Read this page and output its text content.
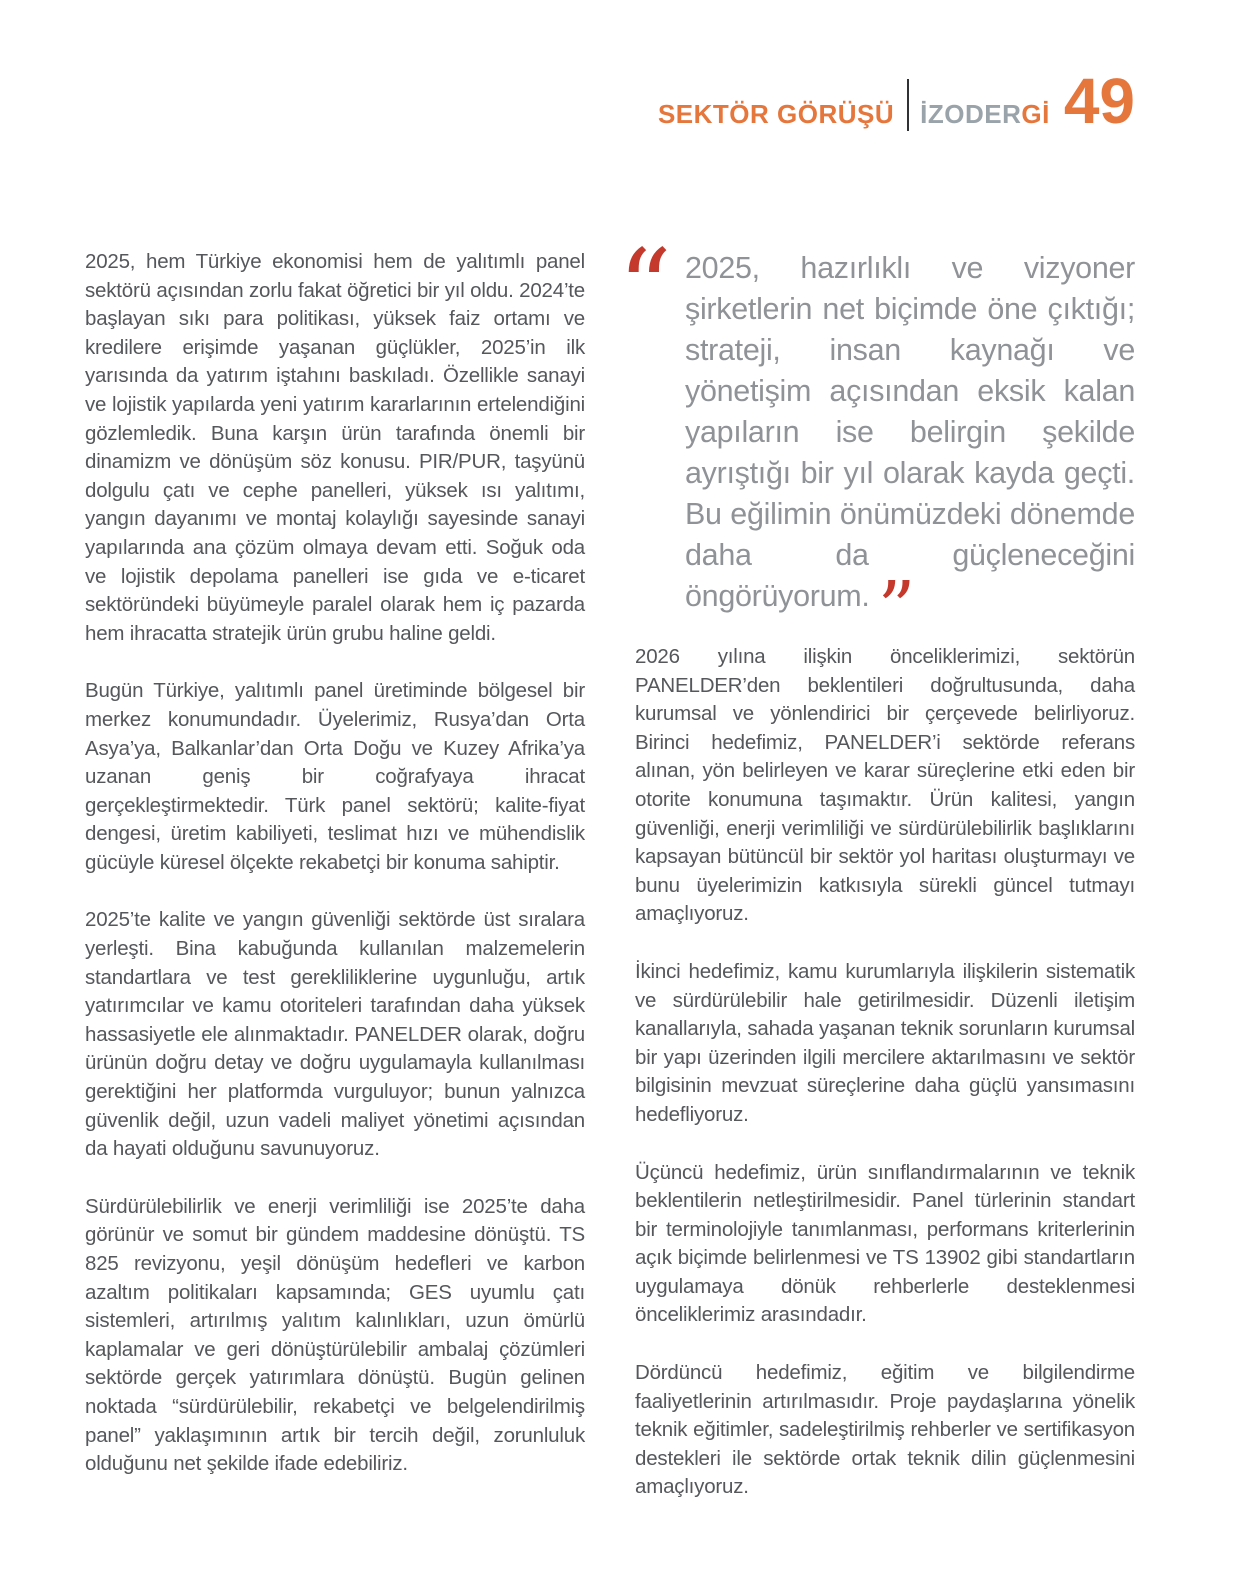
SEKTÖR GÖRÜŞÜ İZODERGİ 49

2025, hem Türkiye ekonomisi hem de yalıtımlı panel sektörü açısından zorlu fakat öğretici bir yıl oldu. 2024’te başlayan sıkı para politikası, yüksek faiz ortamı ve kredilere erişimde yaşanan güçlükler, 2025’in ilk yarısında da yatırım iştahını baskıladı. Özellikle sanayi ve lojistik yapılarda yeni yatırım kararlarının ertelendiğini gözlemledik. Buna karşın ürün tarafında önemli bir dinamizm ve dönüşüm söz konusu. PIR/PUR, taşyünü dolgulu çatı ve cephe panelleri, yüksek ısı yalıtımı, yangın dayanımı ve montaj kolaylığı sayesinde sanayi yapılarında ana çözüm olmaya devam etti. Soğuk oda ve lojistik depolama panelleri ise gıda ve e-ticaret sektöründeki büyümeyle paralel olarak hem iç pazarda hem ihracatta stratejik ürün grubu haline geldi.

Bugün Türkiye, yalıtımlı panel üretiminde bölgesel bir merkez konumundadır. Üyelerimiz, Rusya’dan Orta Asya’ya, Balkanlar’dan Orta Doğu ve Kuzey Afrika’ya uzanan geniş bir coğrafyaya ihracat gerçekleştirmektedir. Türk panel sektörü; kalite-fiyat dengesi, üretim kabiliyeti, teslimat hızı ve mühendislik gücüyle küresel ölçekte rekabetçi bir konuma sahiptir.

2025’te kalite ve yangın güvenliği sektörde üst sıralara yerleşti. Bina kabuğunda kullanılan malzemelerin standartlara ve test gerekliliklerine uygunluğu, artık yatırımcılar ve kamu otoriteleri tarafından daha yüksek hassasiyetle ele alınmaktadır. PANELDER olarak, doğru ürünün doğru detay ve doğru uygulamayla kullanılması gerektiğini her platformda vurguluyor; bunun yalnızca güvenlik değil, uzun vadeli maliyet yönetimi açısından da hayati olduğunu savunuyoruz.

Sürdürülebilirlik ve enerji verimliliği ise 2025’te daha görünür ve somut bir gündem maddesine dönüştü. TS 825 revizyonu, yeşil dönüşüm hedefleri ve karbon azaltım politikaları kapsamında; GES uyumlu çatı sistemleri, artırılmış yalıtım kalınlıkları, uzun ömürlü kaplamalar ve geri dönüştürülebilir ambalaj çözümleri sektörde gerçek yatırımlara dönüştü. Bugün gelinen noktada “sürdürülebilir, rekabetçi ve belgelendirilmiş panel” yaklaşımının artık bir tercih değil, zorunluluk olduğunu net şekilde ifade edebiliriz.

“ 2025, hazırlıklı ve vizyoner şirketlerin net biçimde öne çıktığı; strateji, insan kaynağı ve yönetişim açısından eksik kalan yapıların ise belirgin şekilde ayrıştığı bir yıl olarak kayda geçti. Bu eğilimin önümüzdeki dönemde daha da güçleneceğini öngörüyorum. ”

2026 yılına ilişkin önceliklerimizi, sektörün PANELDER’den beklentileri doğrultusunda, daha kurumsal ve yönlendirici bir çerçevede belirliyoruz. Birinci hedefimiz, PANELDER’i sektörde referans alınan, yön belirleyen ve karar süreçlerine etki eden bir otorite konumuna taşımaktır. Ürün kalitesi, yangın güvenliği, enerji verimliliği ve sürdürülebilirlik başlıklarını kapsayan bütüncül bir sektör yol haritası oluşturmayı ve bunu üyelerimizin katkısıyla sürekli güncel tutmayı amaçlıyoruz.

İkinci hedefimiz, kamu kurumlarıyla ilişkilerin sistematik ve sürdürülebilir hale getirilmesidir. Düzenli iletişim kanallarıyla, sahada yaşanan teknik sorunların kurumsal bir yapı üzerinden ilgili mercilere aktarılmasını ve sektör bilgisinin mevzuat süreçlerine daha güçlü yansımasını hedefliyoruz.

Üçüncü hedefimiz, ürün sınıflandırmalarının ve teknik beklentilerin netleştirilmesidir. Panel türlerinin standart bir terminolojiyle tanımlanması, performans kriterlerinin açık biçimde belirlenmesi ve TS 13902 gibi standartların uygulamaya dönük rehberlerle desteklenmesi önceliklerimiz arasındadır.

Dördüncü hedefimiz, eğitim ve bilgilendirme faaliyetlerinin artırılmasıdır. Proje paydaşlarına yönelik teknik eğitimler, sadeleştirilmiş rehberler ve sertifikasyon destekleri ile sektörde ortak teknik dilin güçlenmesini amaçlıyoruz.
